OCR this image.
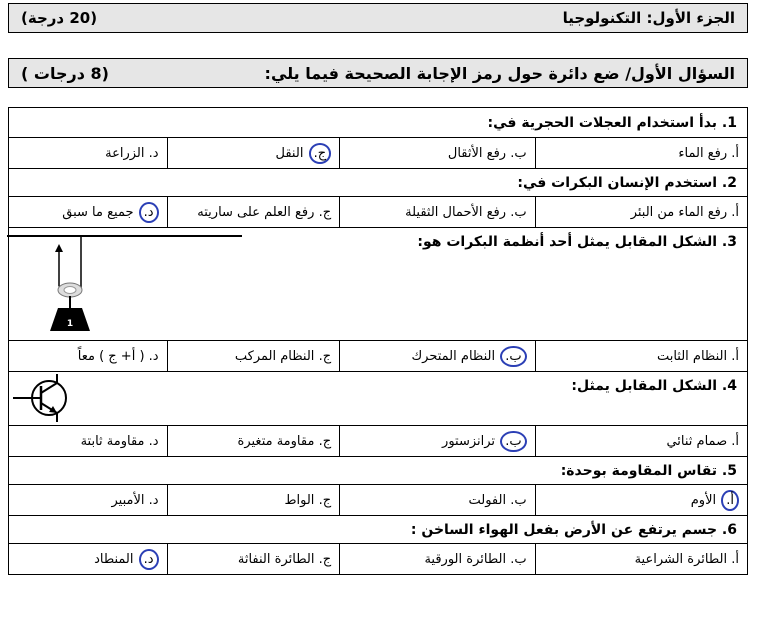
الجزء الأول: التكنولوجيا
(20 درجة)
السؤال الأول/ ضع دائرة حول رمز الإجابة الصحيحة فيما يلي:
(8 درجات )
1. بدأ استخدام العجلات الحجرية في:
أ.

رفع الماء
ب.

رفع الأثقال
ج.

النقل
د.

الزراعة
2. استخدم الإنسان البكرات في:
أ.

رفع الماء من البئر
ب.

رفع الأحمال الثقيلة
ج.

رفع العلم على ساريته
د.

جميع ما سبق
3. الشكل المقابل يمثل أحد أنظمة البكرات هو:
1
أ.

النظام الثابت
ب.

النظام المتحرك
ج.

النظام المركب
د.

( أ+ ج ) معاً
4. الشكل المقابل يمثل:
أ.

صمام ثنائي
ب.

ترانزستور
ج.

مقاومة متغيرة
د.

مقاومة ثابتة
5. تقاس المقاومة بوحدة:
أ.

الأوم
ب.

الفولت
ج.

الواط
د.

الأمبير
6. جسم يرتفع عن الأرض بفعل الهواء الساخن :
أ.

الطائرة الشراعية
ب.

الطائرة الورقية
ج.

الطائرة النفاثة
د.

المنطاد
